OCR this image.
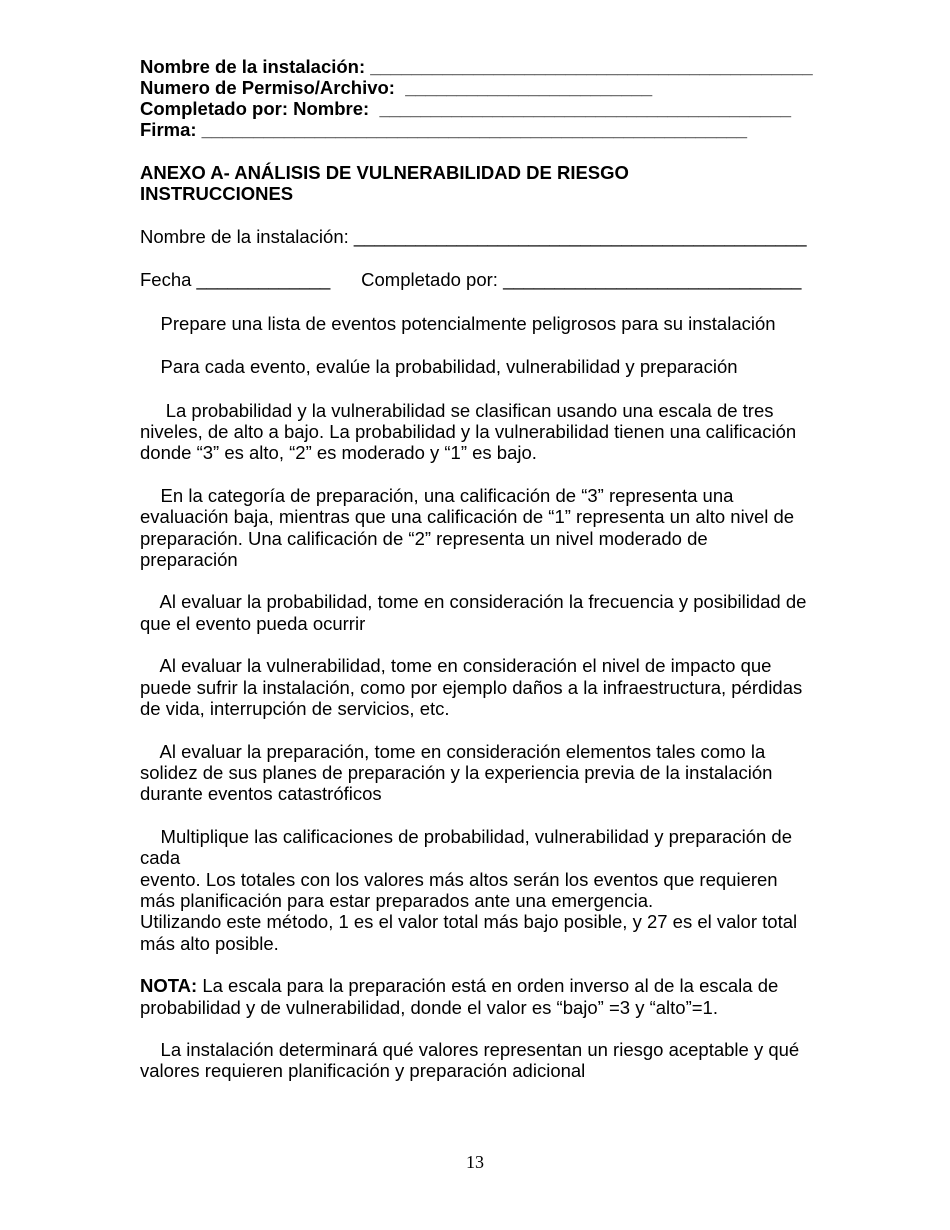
Nombre de la instalación: ___________________________________________
Numero de Permiso/Archivo:  ________________________
Completado por: Nombre:  ________________________________________
Firma: _____________________________________________________
ANEXO A- ANÁLISIS DE VULNERABILIDAD DE RIESGO
INSTRUCCIONES
Nombre de la instalación: ____________________________________________
Fecha _____________      Completado por: _____________________________
Prepare una lista de eventos potencialmente peligrosos para su instalación
Para cada evento, evalúe la probabilidad, vulnerabilidad y preparación
La probabilidad y la vulnerabilidad se clasifican usando una escala de tres
niveles, de alto a bajo. La probabilidad y la vulnerabilidad tienen una calificación
donde “3” es alto, “2” es moderado y “1” es bajo.
En la categoría de preparación, una calificación de “3” representa una
evaluación baja, mientras que una calificación de “1” representa un alto nivel de
preparación. Una calificación de “2” representa un nivel moderado de
preparación
Al evaluar la probabilidad, tome en consideración la frecuencia y posibilidad de
que el evento pueda ocurrir
Al evaluar la vulnerabilidad, tome en consideración el nivel de impacto que
puede sufrir la instalación, como por ejemplo daños a la infraestructura, pérdidas
de vida, interrupción de servicios, etc.
Al evaluar la preparación, tome en consideración elementos tales como la
solidez de sus planes de preparación y la experiencia previa de la instalación
durante eventos catastróficos
Multiplique las calificaciones de probabilidad, vulnerabilidad y preparación de
cada
evento. Los totales con los valores más altos serán los eventos que requieren
más planificación para estar preparados ante una emergencia.
Utilizando este método, 1 es el valor total más bajo posible, y 27 es el valor total
más alto posible.
NOTA: La escala para la preparación está en orden inverso al de la escala de
probabilidad y de vulnerabilidad, donde el valor es “bajo” =3 y “alto”=1.
La instalación determinará qué valores representan un riesgo aceptable y qué
valores requieren planificación y preparación adicional
13
